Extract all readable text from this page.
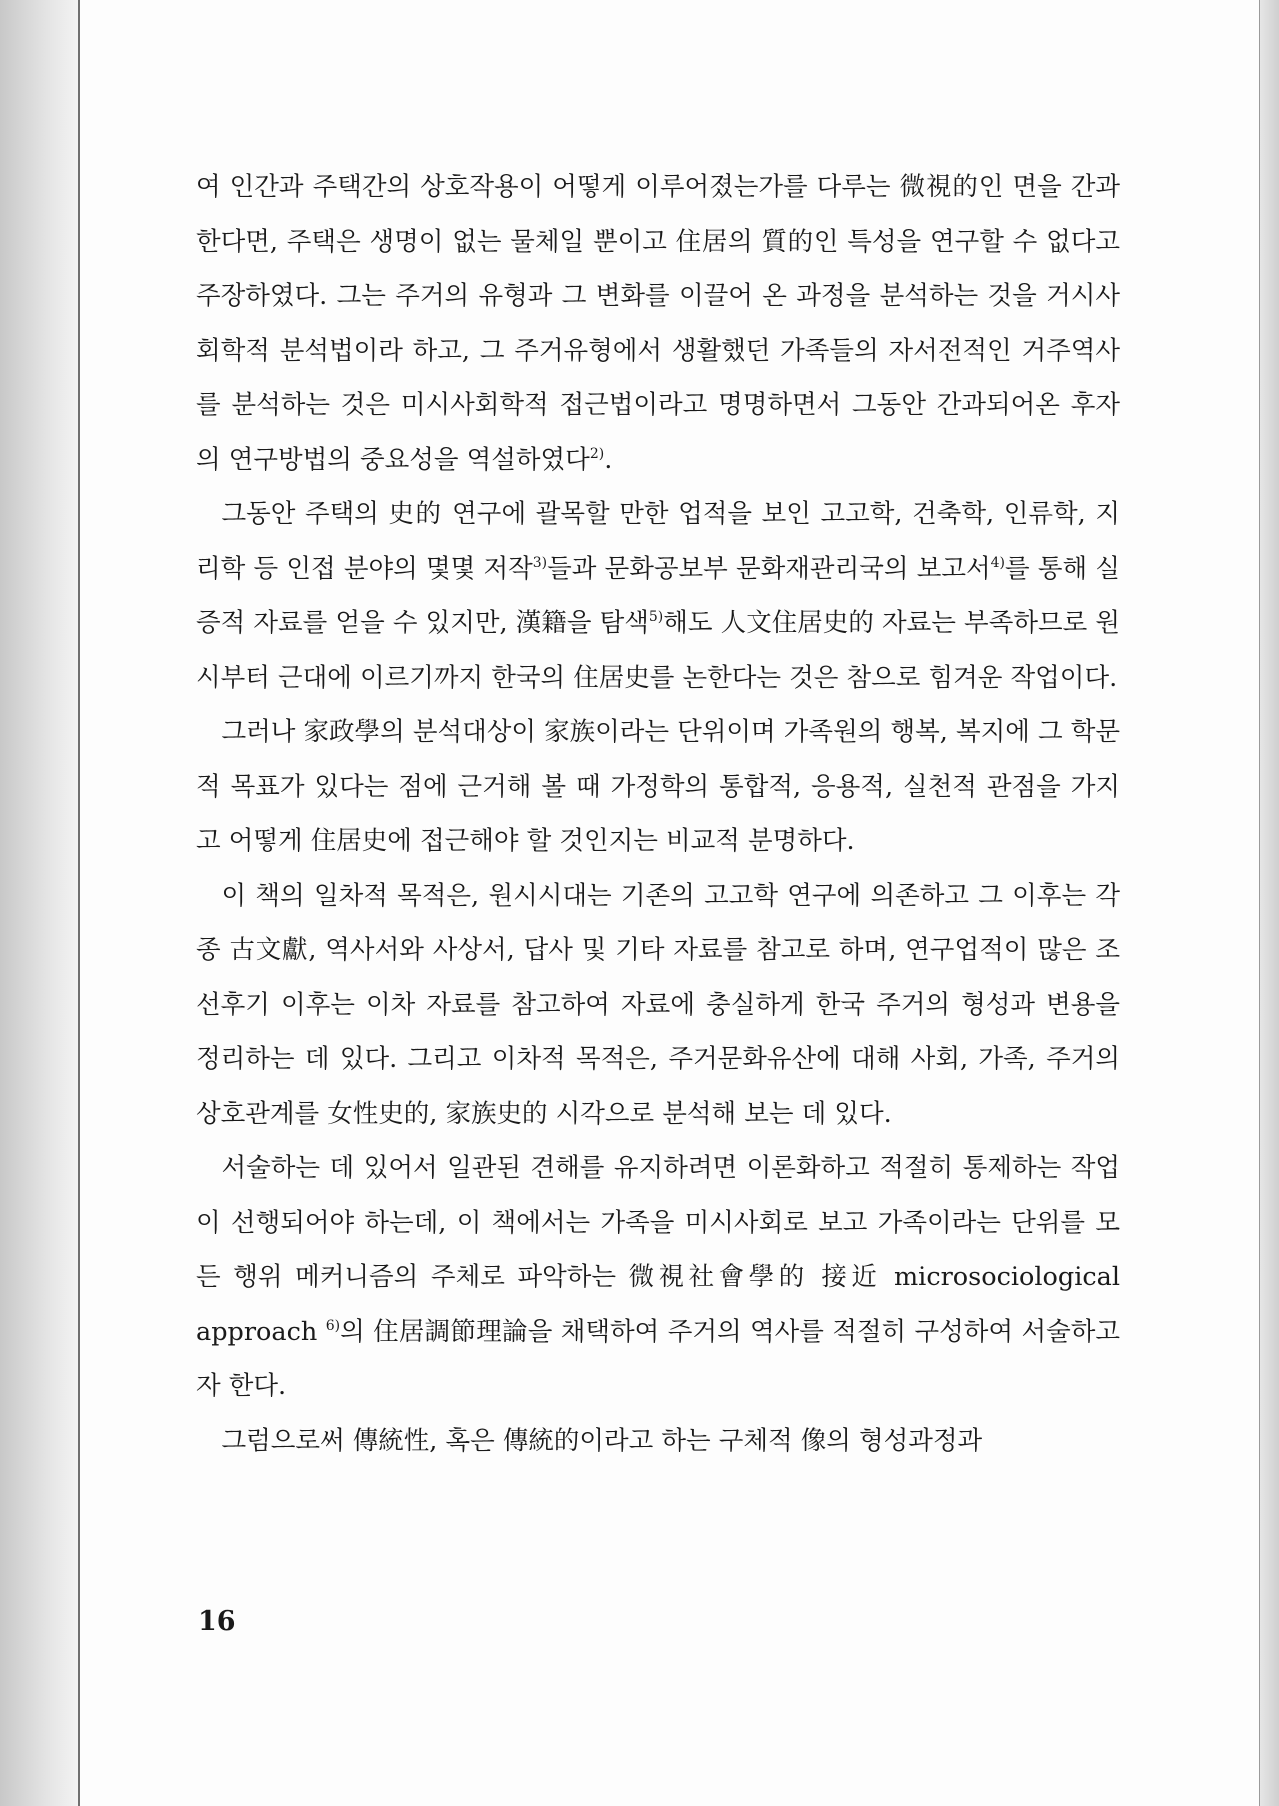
여 인간과 주택간의 상호작용이 어떻게 이루어졌는가를 다루는 微視的인 면을 간과한다면, 주택은 생명이 없는 물체일 뿐이고 住居의 質的인 특성을 연구할 수 없다고 주장하였다. 그는 주거의 유형과 그 변화를 이끌어 온 과정을 분석하는 것을 거시사회학적 분석법이라 하고, 그 주거유형에서 생활했던 가족들의 자서전적인 거주역사를 분석하는 것은 미시사회학적 접근법이라고 명명하면서 그동안 간과되어온 후자의 연구방법의 중요성을 역설하였다$^{2)}$.

그동안 주택의 史的 연구에 괄목할 만한 업적을 보인 고고학, 건축학, 인류학, 지리학 등 인접 분야의 몇몇 저작$^{3)}$들과 문화공보부 문화재관리국의 보고서$^{4)}$를 통해 실증적 자료를 얻을 수 있지만, 漢籍을 탐색$^{5)}$해도 人文住居史的 자료는 부족하므로 원시부터 근대에 이르기까지 한국의 住居史를 논한다는 것은 참으로 힘겨운 작업이다.

그러나 家政學의 분석대상이 家族이라는 단위이며 가족원의 행복, 복지에 그 학문적 목표가 있다는 점에 근거해 볼 때 가정학의 통합적, 응용적, 실천적 관점을 가지고 어떻게 住居史에 접근해야 할 것인지는 비교적 분명하다.

이 책의 일차적 목적은, 원시시대는 기존의 고고학 연구에 의존하고 그 이후는 각종 古文獻, 역사서와 사상서, 답사 및 기타 자료를 참고로 하며, 연구업적이 많은 조선후기 이후는 이차 자료를 참고하여 자료에 충실하게 한국 주거의 형성과 변용을 정리하는 데 있다. 그리고 이차적 목적은, 주거문화유산에 대해 사회, 가족, 주거의 상호관계를 女性史的, 家族史的 시각으로 분석해 보는 데 있다.

서술하는 데 있어서 일관된 견해를 유지하려면 이론화하고 적절히 통제하는 작업이 선행되어야 하는데, 이 책에서는 가족을 미시사회로 보고 가족이라는 단위를 모든 행위 메커니즘의 주체로 파악하는 微視社會學的 接近 microsociological approach $^{6)}$의 住居調節理論을 채택하여 주거의 역사를 적절히 구성하여 서술하고자 한다.

그럼으로써 傳統性, 혹은 傳統的이라고 하는 구체적 像의 형성과정과

16
